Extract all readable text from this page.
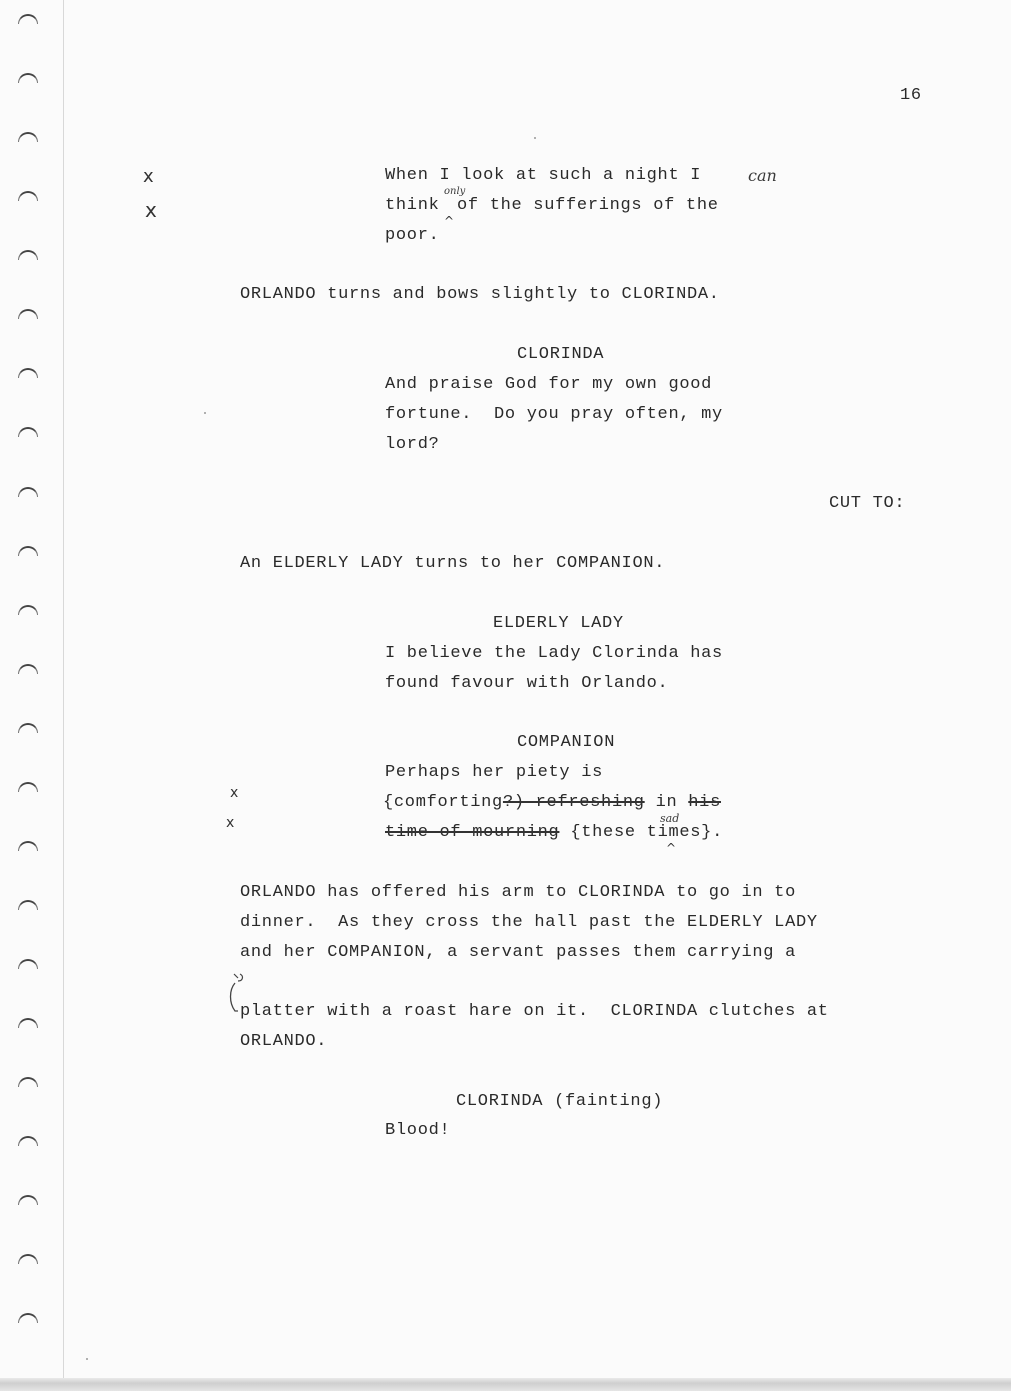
16
x
x
When I look at such a night I	can
think
only
^
of the sufferings of the
poor.
ORLANDO turns and bows slightly to CLORINDA.
CLORINDA
And praise God for my own good
fortune.  Do you pray often, my
lord?
CUT TO:
An ELDERLY LADY turns to her COMPANION.
ELDERLY LADY
I believe the Lady Clorinda has
found favour with Orlando.
COMPANION
Perhaps her piety is
x
x
{comforting?) refreshing in his
sad
time of mourning {these times}.
^
ORLANDO has offered his arm to CLORINDA to go in to
dinner.  As they cross the hall past the ELDERLY LADY
and her COMPANION, a servant passes them carrying a
platter with a roast hare on it.  CLORINDA clutches at
ORLANDO.
CLORINDA (fainting)
Blood!
